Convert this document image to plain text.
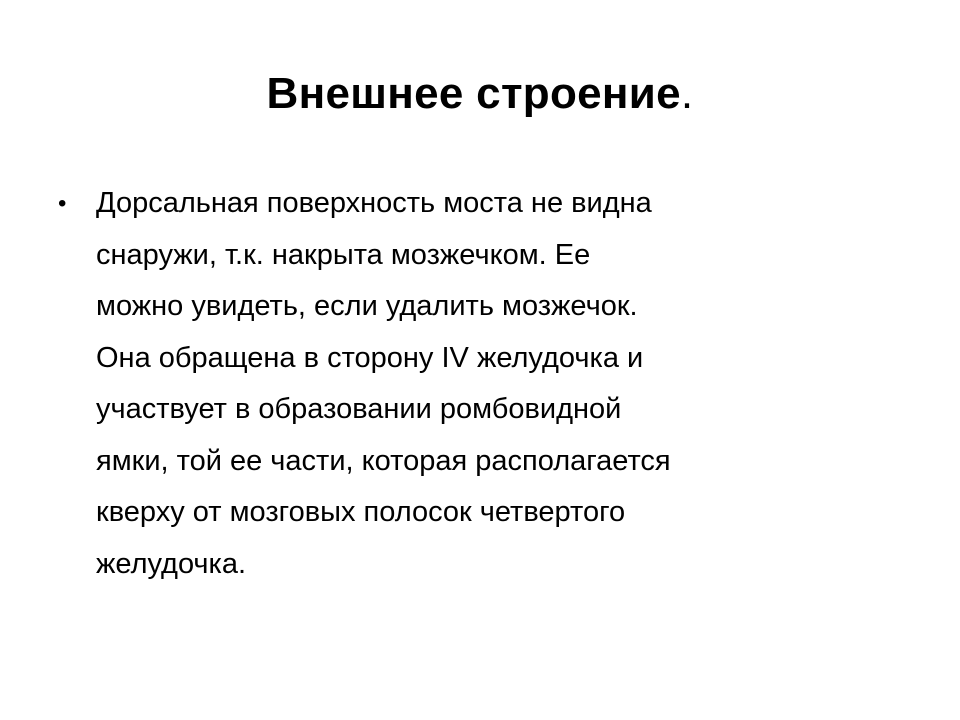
Внешнее строение.
• Дорсальная поверхность моста не видна
снаружи, т.к. накрыта мозжечком. Ее
можно увидеть, если удалить мозжечок.
Она обращена в сторону IV желудочка и
участвует в образовании ромбовидной
ямки, той ее части, которая располагается
кверху от мозговых полосок четвертого
желудочка.
